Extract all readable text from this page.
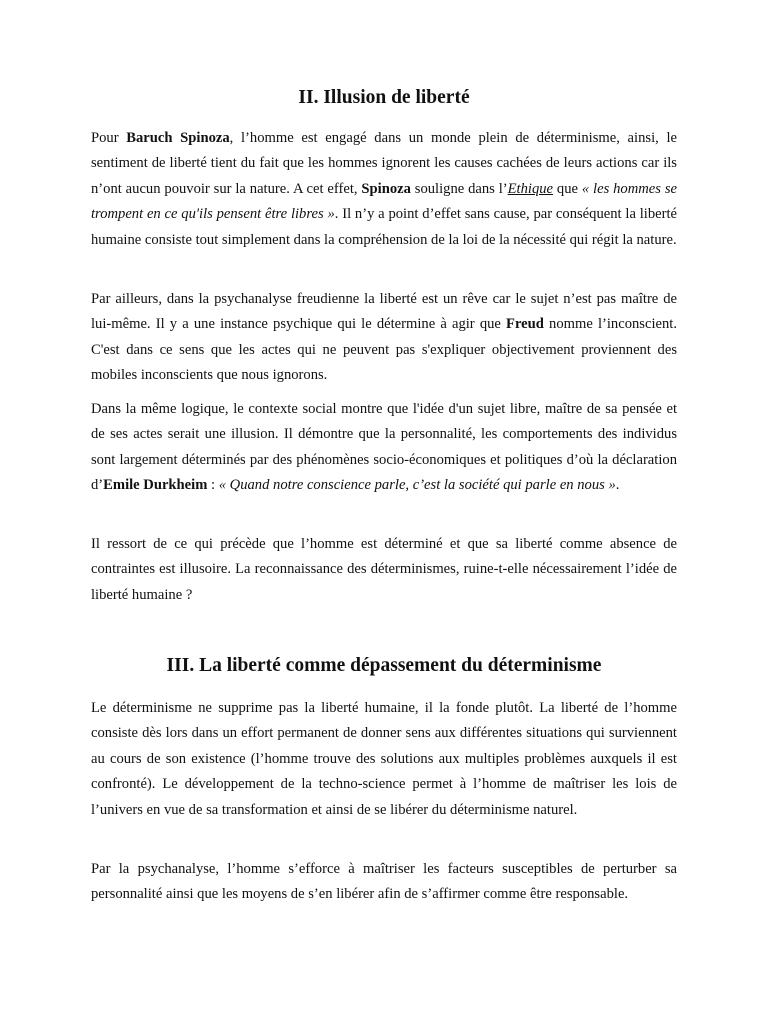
II. Illusion de liberté

Pour Baruch Spinoza, l’homme est engagé dans un monde plein de déterminisme, ainsi, le sentiment de liberté tient du fait que les hommes ignorent les causes cachées de leurs actions car ils n’ont aucun pouvoir sur la nature. A cet effet, Spinoza souligne dans l’Ethique que « les hommes se trompent en ce qu'ils pensent être libres ». Il n’y a point d’effet sans cause, par conséquent la liberté humaine consiste tout simplement dans la compréhension de la loi de la nécessité qui régit la nature.

Par ailleurs, dans la psychanalyse freudienne la liberté est un rêve car le sujet n’est pas maître de lui-même. Il y a une instance psychique qui le détermine à agir que Freud nomme l’inconscient. C'est dans ce sens que les actes qui ne peuvent pas s'expliquer objectivement proviennent des mobiles inconscients que nous ignorons.

Dans la même logique, le contexte social montre que l'idée d'un sujet libre, maître de sa pensée et de ses actes serait une illusion. Il démontre que la personnalité, les comportements des individus sont largement déterminés par des phénomènes socio-économiques et politiques d’où la déclaration d’Emile Durkheim : « Quand notre conscience parle, c’est la société qui parle en nous ».

Il ressort de ce qui précède que l’homme est déterminé et que sa liberté comme absence de contraintes est illusoire. La reconnaissance des déterminismes, ruine-t-elle nécessairement l’idée de liberté humaine ?

III. La liberté comme dépassement du déterminisme

Le déterminisme ne supprime pas la liberté humaine, il la fonde plutôt. La liberté de l’homme consiste dès lors dans un effort permanent de donner sens aux différentes situations qui surviennent au cours de son existence (l’homme trouve des solutions aux multiples problèmes auxquels il est confronté). Le développement de la techno-science permet à l’homme de maîtriser les lois de l’univers en vue de sa transformation et ainsi de se libérer du déterminisme naturel.

Par la psychanalyse, l’homme s’efforce à maîtriser les facteurs susceptibles de perturber sa personnalité ainsi que les moyens de s’en libérer afin de s’affirmer comme être responsable.
